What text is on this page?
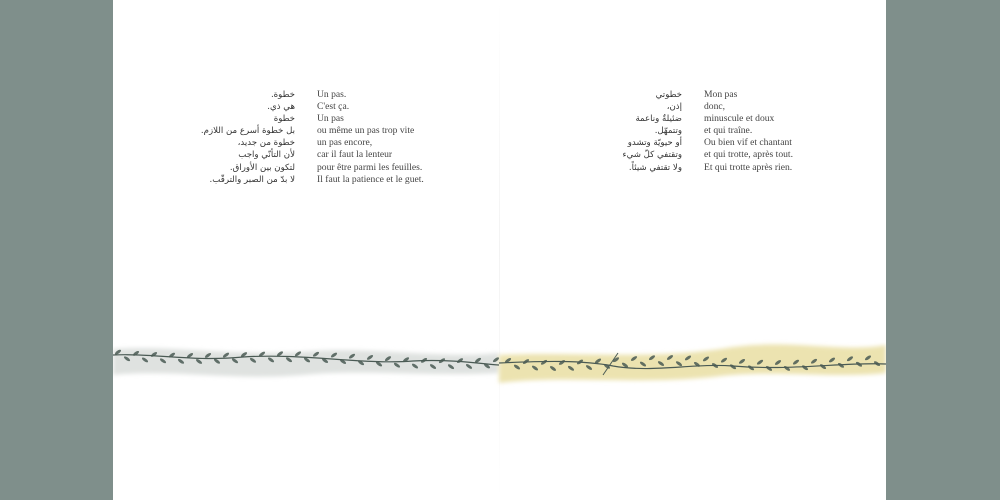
خطوة.
هي ذي.
خطوة
بل خطوة أسرع من اللازم.
خطوة من جديد،
لأن التأنّي واجب
لتكون بين الأوراق.
لا بدّ من الصبر والترقّب.
Un pas.
C'est ça.
Un pas
ou même un pas trop vite
un pas encore,
car il faut la lenteur
pour être parmi les feuilles.
Il faut la patience et le guet.
خطوتي
إذن،
ضئيلةٌ وناعمة
وتتمهّل.
أو حيويّة وتشدو
وتقتفي كلّ شيء
ولا تقتفي شيئاً.
Mon pas
donc,
minuscule et doux
et qui traîne.
Ou bien vif et chantant
et qui trotte, après tout.
Et qui trotte après rien.
